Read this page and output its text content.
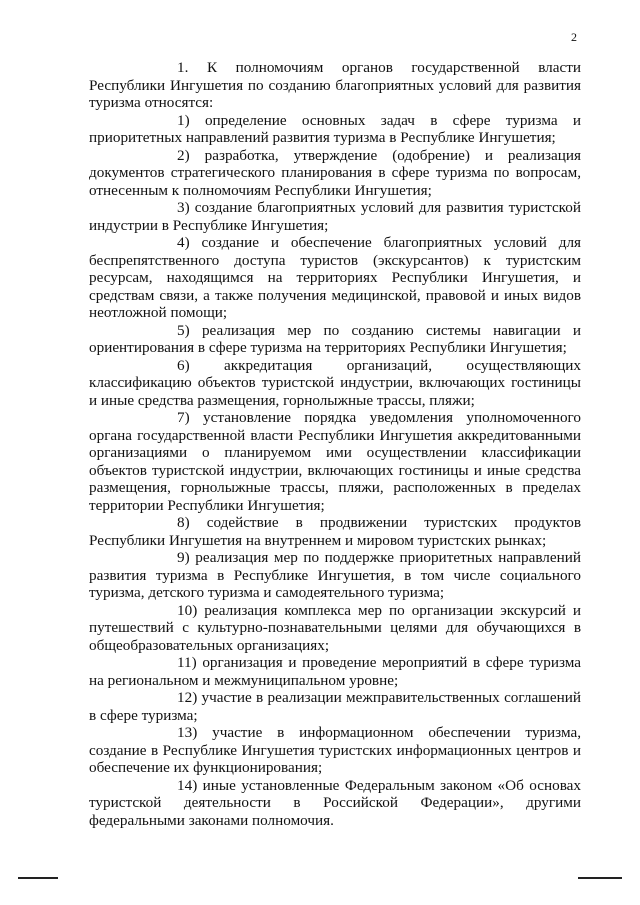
2

1. К полномочиям органов государственной власти Республики Ингушетия по созданию благоприятных условий для развития туризма относятся:

1) определение основных задач в сфере туризма и приоритетных направлений развития туризма в Республике Ингушетия;

2) разработка, утверждение (одобрение) и реализация документов стратегического планирования в сфере туризма по вопросам, отнесенным к полномочиям Республики Ингушетия;

3) создание благоприятных условий для развития туристской индустрии в Республике Ингушетия;

4) создание и обеспечение благоприятных условий для беспрепятственного доступа туристов (экскурсантов) к туристским ресурсам, находящимся на территориях Республики Ингушетия, и средствам связи, а также получения медицинской, правовой и иных видов неотложной помощи;

5) реализация мер по созданию системы навигации и ориентирования в сфере туризма на территориях Республики Ингушетия;

6) аккредитация организаций, осуществляющих классификацию объектов туристской индустрии, включающих гостиницы и иные средства размещения, горнолыжные трассы, пляжи;

7) установление порядка уведомления уполномоченного органа государственной власти Республики Ингушетия аккредитованными организациями о планируемом ими осуществлении классификации объектов туристской индустрии, включающих гостиницы и иные средства размещения, горнолыжные трассы, пляжи, расположенных в пределах территории Республики Ингушетия;

8) содействие в продвижении туристских продуктов Республики Ингушетия на внутреннем и мировом туристских рынках;

9) реализация мер по поддержке приоритетных направлений развития туризма в Республике Ингушетия, в том числе социального туризма, детского туризма и самодеятельного туризма;

10) реализация комплекса мер по организации экскурсий и путешествий с культурно-познавательными целями для обучающихся в общеобразовательных организациях;

11) организация и проведение мероприятий в сфере туризма на региональном и межмуниципальном уровне;

12) участие в реализации межправительственных соглашений в сфере туризма;

13) участие в информационном обеспечении туризма, создание в Республике Ингушетия туристских информационных центров и обеспечение их функционирования;

14) иные установленные Федеральным законом «Об основах туристской деятельности в Российской Федерации», другими федеральными законами полномочия.
